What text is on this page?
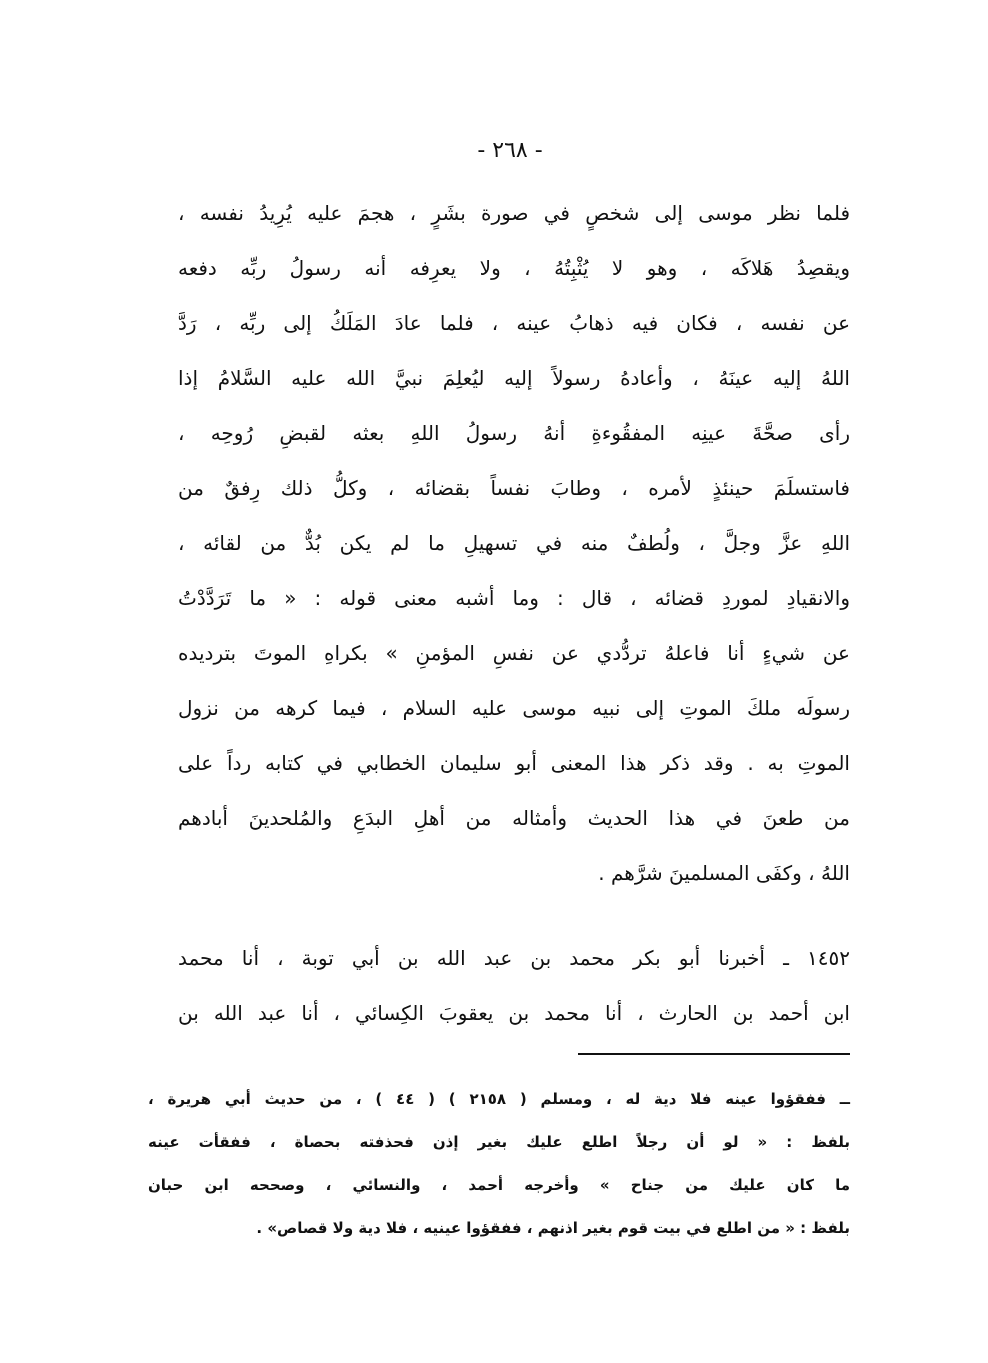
- ٢٦٨ -
فلما نظر موسى إلى شخصٍ في صورة بشَرٍ ، هجمَ عليه يُرِيدُ نفسه ،
ويقصِدُ هَلاكَه ، وهو لا يُثْبِتُهُ ، ولا يعرِفه أنه رسولُ ربِّه دفعه
عن نفسه ، فكان فيه ذهابُ عينه ، فلما عادَ المَلَكُ إلى ربِّه ، رَدَّ
اللهُ إليه عينَهُ ، وأعادهُ رسولاً إليه ليُعلِمَ نبيَّ الله عليه السَّلامُ إذا
رأى صحَّةَ عينِه المفقُوءةِ أنهُ رسولُ اللهِ بعثه لقبضِ رُوحِه ،
فاستسلَمَ حينئذٍ لأمره ، وطابَ نفساً بقضائه ، وكلُّ ذلك رِفقٌ من
اللهِ عزَّ وجلَّ ، ولُطفٌ منه في تسهيلِ ما لم يكن بُدٌّ من لقائه ،
والانقيادِ لموردِ قضائه ، قال : وما أشبه معنى قوله : « ما تَرَدَّدْتُ
عن شيءٍ أنا فاعلهُ تردُّدي عن نفسِ المؤمنِ » بكراهِ الموتَ بترديده
رسولَه ملكَ الموتِ إلى نبيه موسى عليه السلام ، فيما كرهه من نزول
الموتِ به . وقد ذكر هذا المعنى أبو سليمان الخطابي في كتابه رداً على
من طعنَ في هذا الحديث وأمثاله من أهلِ البدَعِ والمُلحدينَ أبادهم
اللهُ ، وكفَى المسلمينَ شرَّهم .
١٤٥٢ ـ أخبرنا أبو بكر محمد بن عبد الله بن أبي توبة ، أنا محمد
ابن أحمد بن الحارث ، أنا محمد بن يعقوبَ الكِسائي ، أنا عبد الله بن
ــ ففقؤوا عينه فلا دية له ، ومسلم ( ٢١٥٨ ) ( ٤٤ ) ، من حديث أبي هريرة ،
بلفظ : « لو أن رجلاً اطلع عليك بغير إذن فحذفته بحصاة ، ففقأت عينه
ما كان عليك من جناح » وأخرجه أحمد ، والنسائي ، وصححه ابن حبان
بلفظ : « من اطلع في بيت قوم بغير اذنهم ، ففقؤوا عينيه ، فلا دية ولا قصاص» .
